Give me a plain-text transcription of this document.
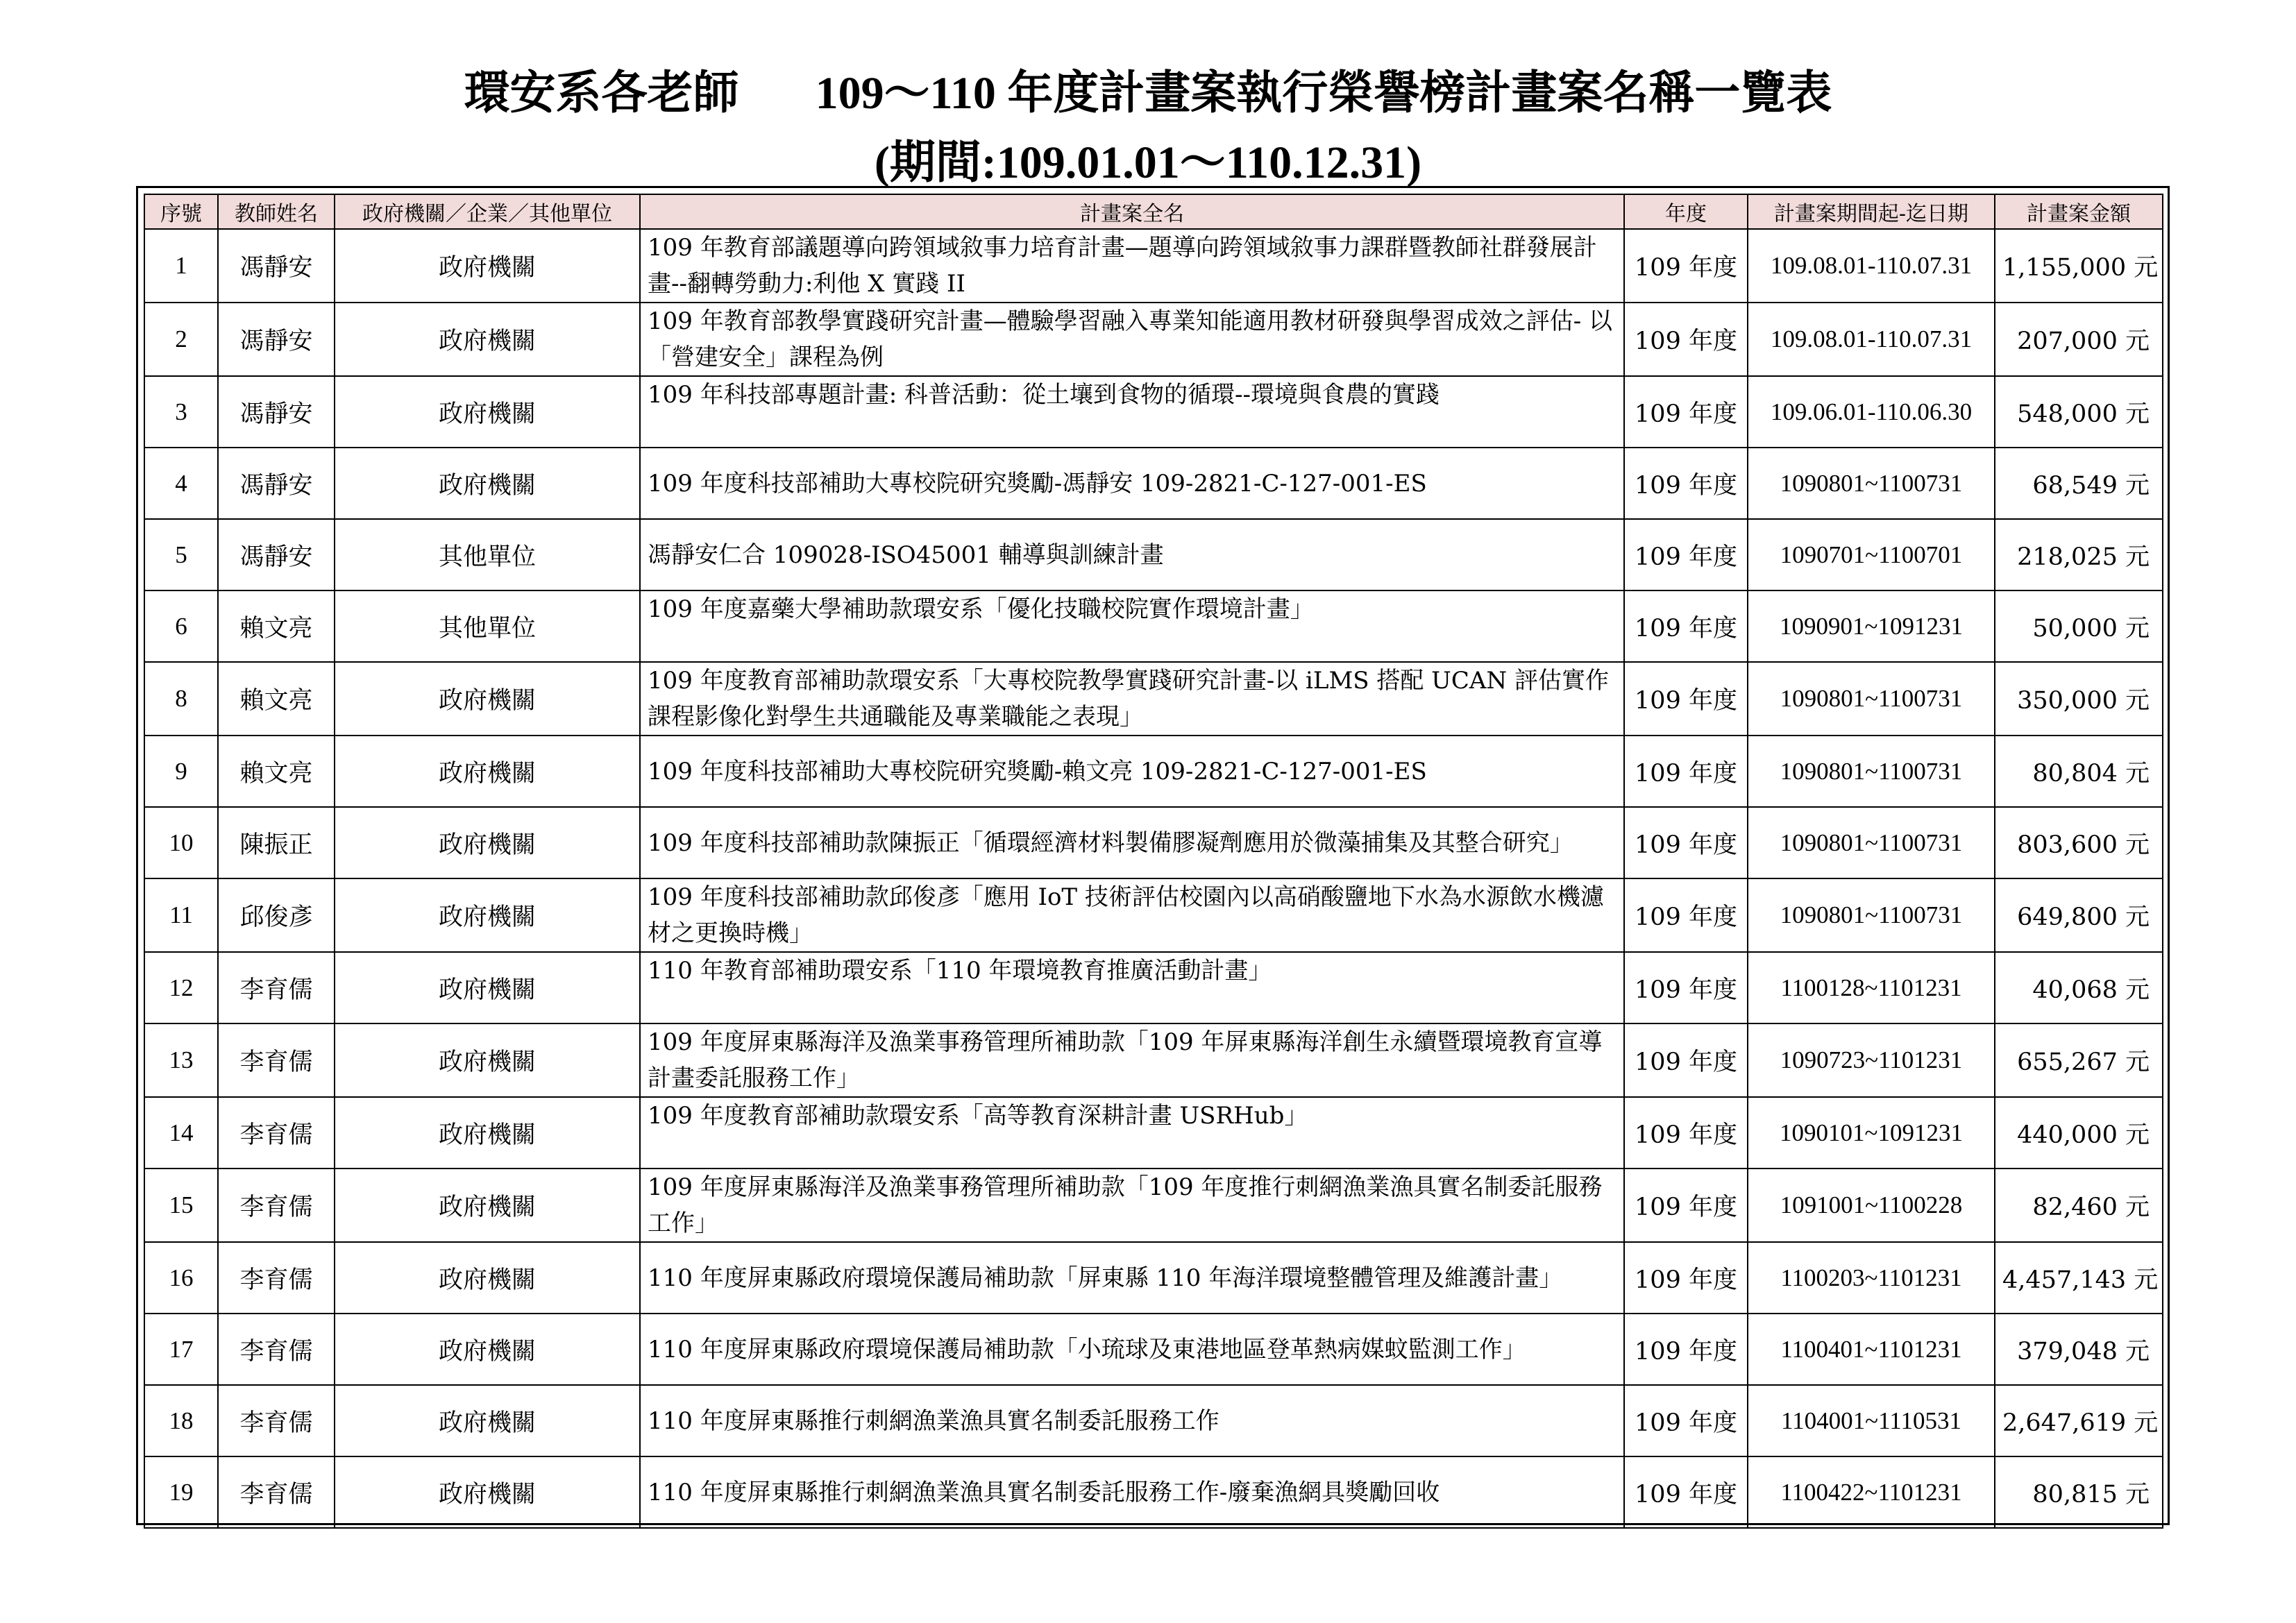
環安系各老師 109～110 年度計畫案執行榮譽榜計畫案名稱一覽表
(期間:109.01.01～110.12.31)
序號	教師姓名	政府機關／企業／其他單位	計畫案全名	年度	計畫案期間起-迄日期	計畫案金額
1	馮靜安	政府機關	109 年教育部議題導向跨領域敘事力培育計畫—題導向跨領域敘事力課群暨教師社群發展計畫--翻轉勞動力:利他 X 實踐 II	109 年度	109.08.01-110.07.31	1,155,000 元
2	馮靜安	政府機關	109 年教育部教學實踐研究計畫—體驗學習融入專業知能適用教材研發與學習成效之評估- 以「營建安全」課程為例	109 年度	109.08.01-110.07.31	207,000 元
3	馮靜安	政府機關	109 年科技部專題計畫: 科普活動：從土壤到食物的循環--環境與食農的實踐	109 年度	109.06.01-110.06.30	548,000 元
4	馮靜安	政府機關	109 年度科技部補助大專校院研究獎勵-馮靜安 109-2821-C-127-001-ES	109 年度	1090801~1100731	68,549 元
5	馮靜安	其他單位	馮靜安仁合 109028-ISO45001 輔導與訓練計畫	109 年度	1090701~1100701	218,025 元
6	賴文亮	其他單位	109 年度嘉藥大學補助款環安系「優化技職校院實作環境計畫」	109 年度	1090901~1091231	50,000 元
8	賴文亮	政府機關	109 年度教育部補助款環安系「大專校院教學實踐研究計畫-以 iLMS 搭配 UCAN 評估實作課程影像化對學生共通職能及專業職能之表現」	109 年度	1090801~1100731	350,000 元
9	賴文亮	政府機關	109 年度科技部補助大專校院研究獎勵-賴文亮 109-2821-C-127-001-ES	109 年度	1090801~1100731	80,804 元
10	陳振正	政府機關	109 年度科技部補助款陳振正「循環經濟材料製備膠凝劑應用於微藻捕集及其整合研究」	109 年度	1090801~1100731	803,600 元
11	邱俊彥	政府機關	109 年度科技部補助款邱俊彥「應用 IoT 技術評估校園內以高硝酸鹽地下水為水源飲水機濾材之更換時機」	109 年度	1090801~1100731	649,800 元
12	李育儒	政府機關	110 年教育部補助環安系「110 年環境教育推廣活動計畫」	109 年度	1100128~1101231	40,068 元
13	李育儒	政府機關	109 年度屏東縣海洋及漁業事務管理所補助款「109 年屏東縣海洋創生永續暨環境教育宣導計畫委託服務工作」	109 年度	1090723~1101231	655,267 元
14	李育儒	政府機關	109 年度教育部補助款環安系「高等教育深耕計畫 USRHub」	109 年度	1090101~1091231	440,000 元
15	李育儒	政府機關	109 年度屏東縣海洋及漁業事務管理所補助款「109 年度推行刺網漁業漁具實名制委託服務工作」	109 年度	1091001~1100228	82,460 元
16	李育儒	政府機關	110 年度屏東縣政府環境保護局補助款「屏東縣 110 年海洋環境整體管理及維護計畫」	109 年度	1100203~1101231	4,457,143 元
17	李育儒	政府機關	110 年度屏東縣政府環境保護局補助款「小琉球及東港地區登革熱病媒蚊監測工作」	109 年度	1100401~1101231	379,048 元
18	李育儒	政府機關	110 年度屏東縣推行刺網漁業漁具實名制委託服務工作	109 年度	1104001~1110531	2,647,619 元
19	李育儒	政府機關	110 年度屏東縣推行刺網漁業漁具實名制委託服務工作-廢棄漁網具獎勵回收	109 年度	1100422~1101231	80,815 元
